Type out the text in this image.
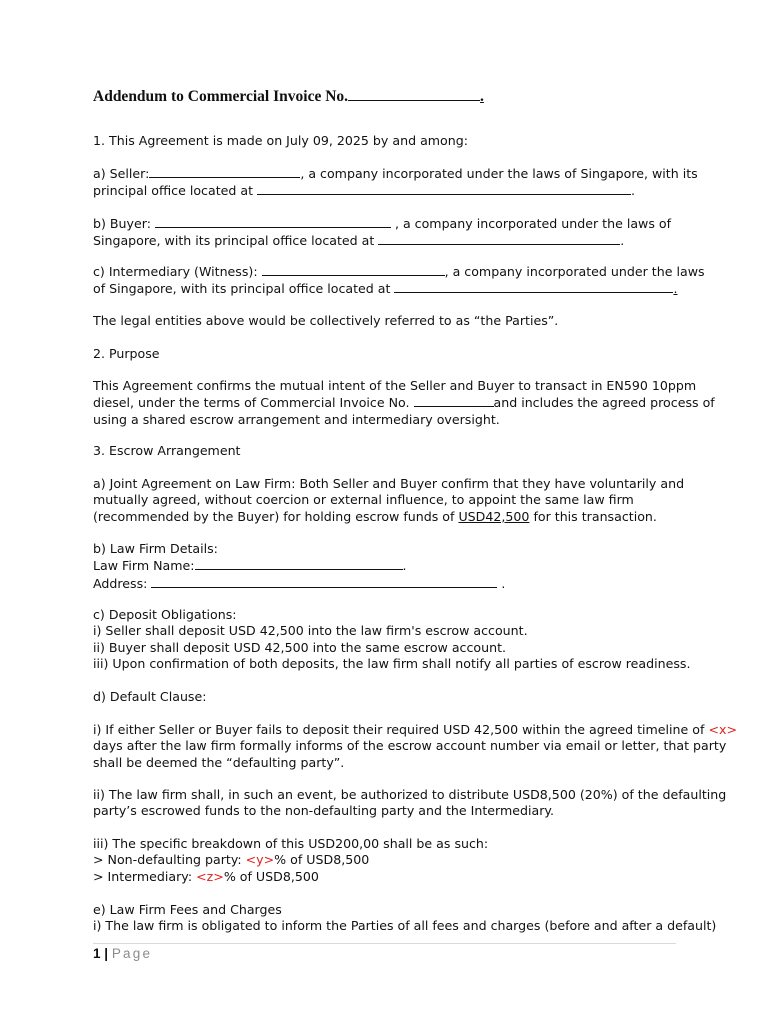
Addendum to Commercial Invoice No.	.
1. This Agreement is made on July 09, 2025 by and among:
a) Seller:	, a company incorporated under the laws of Singapore, with its
principal office located at	.
b) Buyer:	, a company incorporated under the laws of
Singapore, with its principal office located at	.
c) Intermediary (Witness):	, a company incorporated under the laws
of Singapore, with its principal office located at	.
The legal entities above would be collectively referred to as “the Parties”.
2. Purpose
This Agreement confirms the mutual intent of the Seller and Buyer to transact in EN590 10ppm
diesel, under the terms of Commercial Invoice No.	and includes the agreed process of
using a shared escrow arrangement and intermediary oversight.
3. Escrow Arrangement
a) Joint Agreement on Law Firm: Both Seller and Buyer confirm that they have voluntarily and
mutually agreed, without coercion or external influence, to appoint the same law firm
(recommended by the Buyer) for holding escrow funds of USD42,500 for this transaction.
b) Law Firm Details:
Law Firm Name:	.
Address:	.
c) Deposit Obligations:
i) Seller shall deposit USD 42,500 into the law firm's escrow account.
ii) Buyer shall deposit USD 42,500 into the same escrow account.
iii) Upon confirmation of both deposits, the law firm shall notify all parties of escrow readiness.
d) Default Clause:
i) If either Seller or Buyer fails to deposit their required USD 42,500 within the agreed timeline of <x>
days after the law firm formally informs of the escrow account number via email or letter, that party
shall be deemed the “defaulting party”.
ii) The law firm shall, in such an event, be authorized to distribute USD8,500 (20%) of the defaulting
party’s escrowed funds to the non-defaulting party and the Intermediary.
iii) The specific breakdown of this USD200,00 shall be as such:
> Non-defaulting party: <y>% of USD8,500
> Intermediary: <z>% of USD8,500
e) Law Firm Fees and Charges
i) The law firm is obligated to inform the Parties of all fees and charges (before and after a default)
1 | Page
